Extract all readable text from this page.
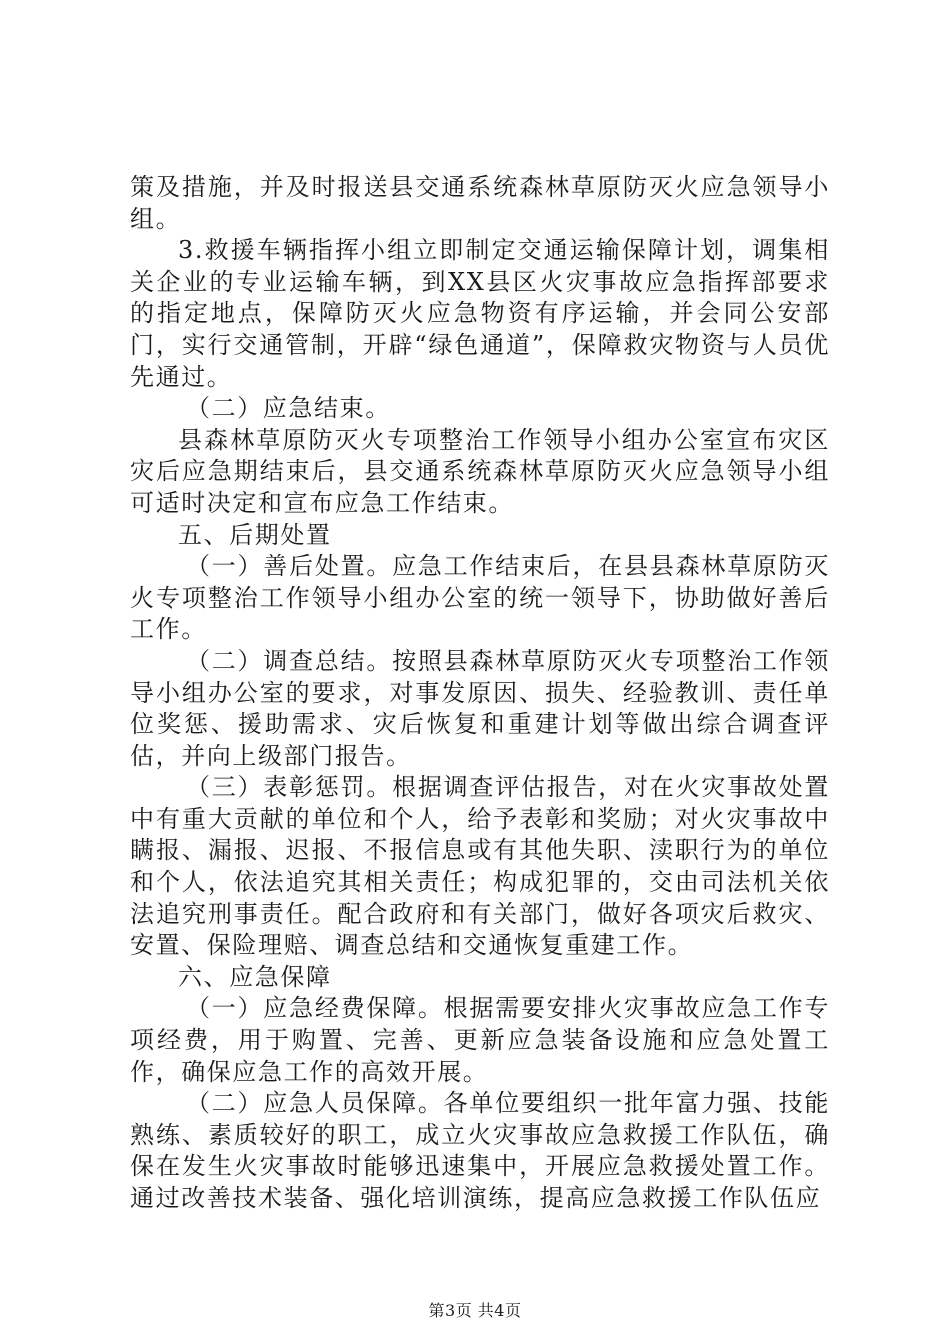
策及措施，并及时报送县交通系统森林草原防灭火应急领导小组。

3.救援车辆指挥小组立即制定交通运输保障计划，调集相关企业的专业运输车辆，到XX县区火灾事故应急指挥部要求的指定地点，保障防灭火应急物资有序运输，并会同公安部门，实行交通管制，开辟“绿色通道”，保障救灾物资与人员优先通过。

（二）应急结束。

县森林草原防灭火专项整治工作领导小组办公室宣布灾区灾后应急期结束后，县交通系统森林草原防灭火应急领导小组可适时决定和宣布应急工作结束。

五、后期处置

（一）善后处置。应急工作结束后，在县县森林草原防灭火专项整治工作领导小组办公室的统一领导下，协助做好善后工作。

（二）调查总结。按照县森林草原防灭火专项整治工作领导小组办公室的要求，对事发原因、损失、经验教训、责任单位奖惩、援助需求、灾后恢复和重建计划等做出综合调查评估，并向上级部门报告。

（三）表彰惩罚。根据调查评估报告，对在火灾事故处置中有重大贡献的单位和个人，给予表彰和奖励；对火灾事故中瞒报、漏报、迟报、不报信息或有其他失职、渎职行为的单位和个人，依法追究其相关责任；构成犯罪的，交由司法机关依法追究刑事责任。配合政府和有关部门，做好各项灾后救灾、安置、保险理赔、调查总结和交通恢复重建工作。

六、应急保障

（一）应急经费保障。根据需要安排火灾事故应急工作专项经费，用于购置、完善、更新应急装备设施和应急处置工作，确保应急工作的高效开展。

（二）应急人员保障。各单位要组织一批年富力强、技能熟练、素质较好的职工，成立火灾事故应急救援工作队伍，确保在发生火灾事故时能够迅速集中，开展应急救援处置工作。通过改善技术装备、强化培训演练，提高应急救援工作队伍应

第3页 共4页
